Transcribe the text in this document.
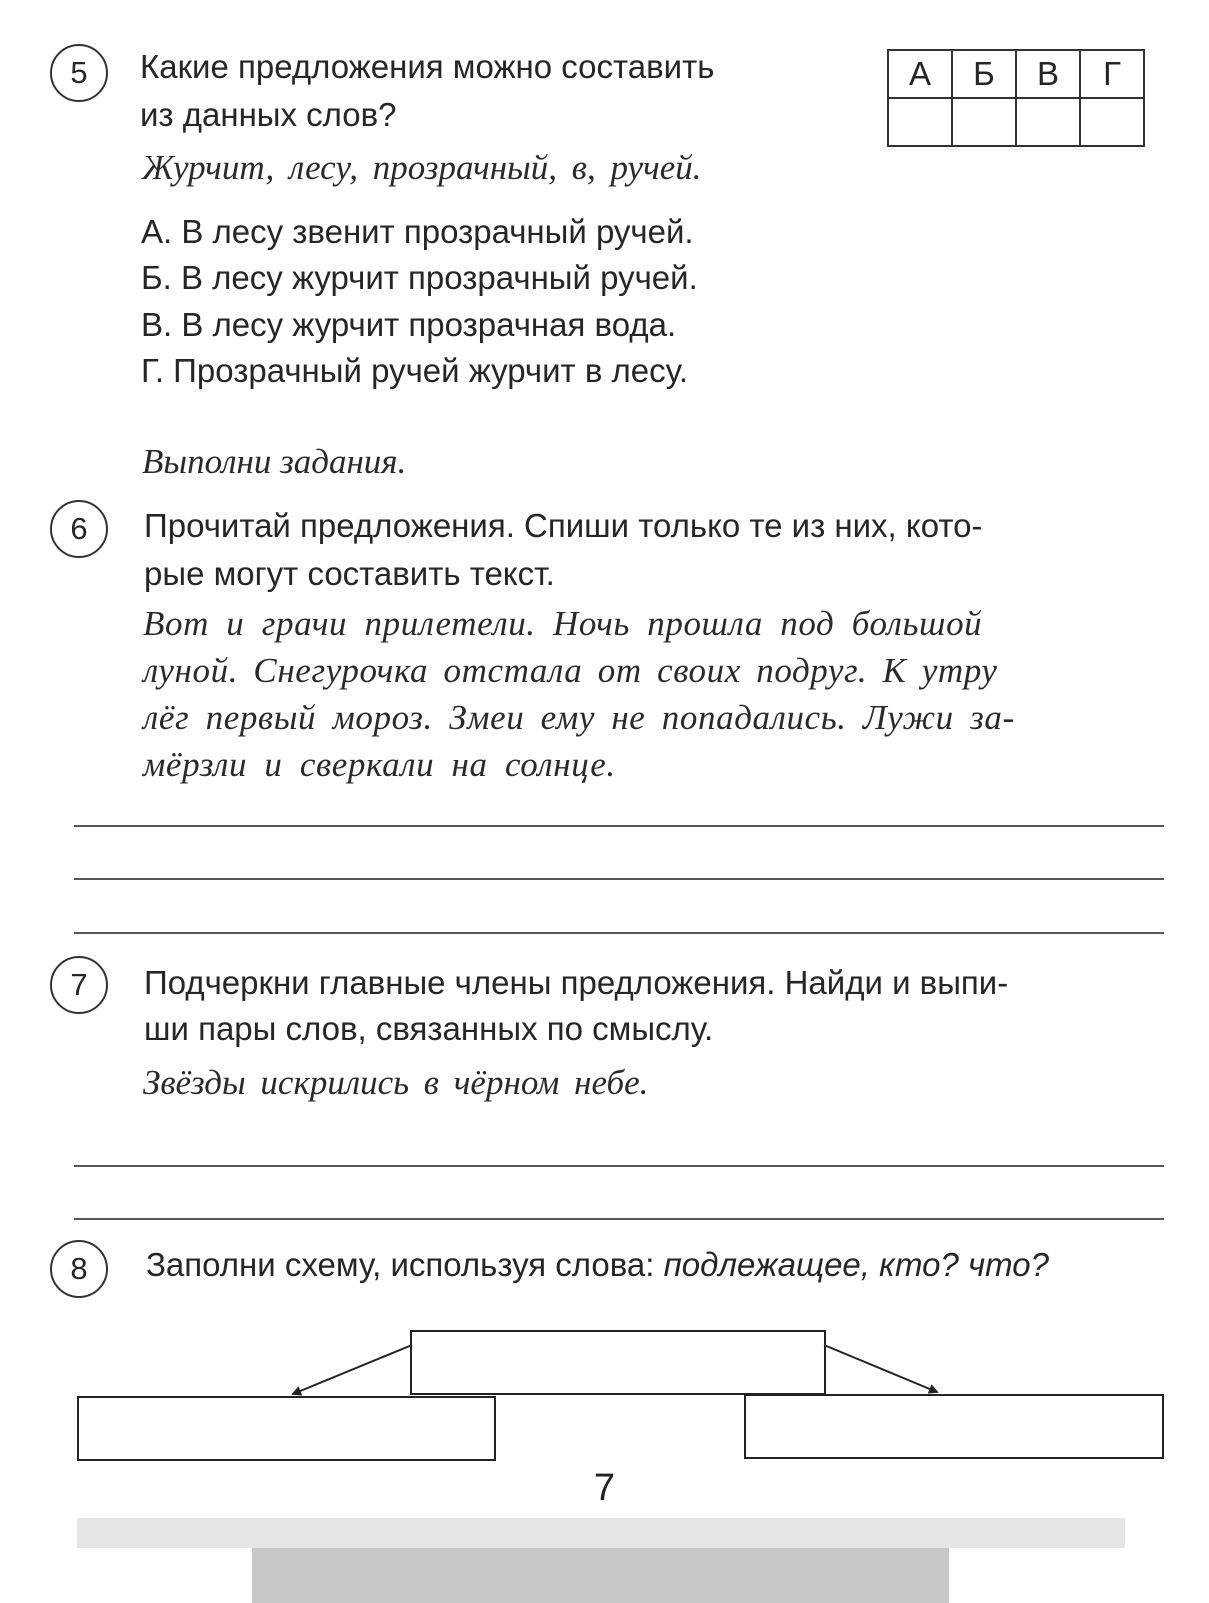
5	Какие предложения можно составить
из данных слов?
А	Б	В	Г

Журчит, лесу, прозрачный, в, ручей.
А. В лесу звенит прозрачный ручей.
Б. В лесу журчит прозрачный ручей.
В. В лесу журчит прозрачная вода.
Г. Прозрачный ручей журчит в лесу.
Выполни задания.
6	Прочитай предложения. Спиши только те из них, кото-
рые могут составить текст.
Вот и грачи прилетели. Ночь прошла под большой
луной. Снегурочка отстала от своих подруг. К утру
лёг первый мороз. Змеи ему не попадались. Лужи за-
мёрзли и сверкали на солнце.
7	Подчеркни главные члены предложения. Найди и выпи-
ши пары слов, связанных по смыслу.
Звёзды искрились в чёрном небе.
8	Заполни схему, используя слова: подлежащее, кто? что?
7
